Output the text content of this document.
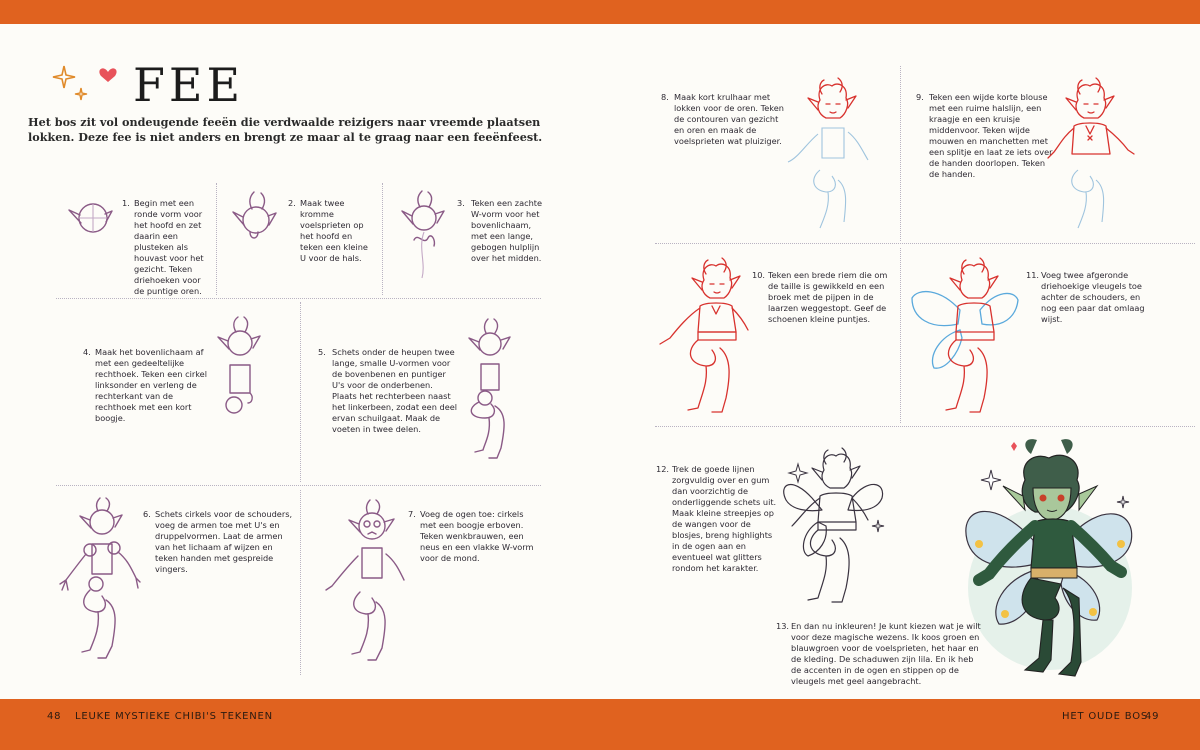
FEE

Het bos zit vol ondeugende feeën die verdwaalde reizigers naar vreemde plaatsen lokken. Deze fee is niet anders en brengt ze maar al te graag naar een feeënfeest.

1. Begin met een ronde vorm voor het hoofd en zet daarin een plusteken als houvast voor het gezicht. Teken driehoeken voor de puntige oren.

2. Maak twee kromme voelsprieten op het hoofd en teken een kleine U voor de hals.

3. Teken een zachte W-vorm voor het bovenlichaam, met een lange, gebogen hulplijn over het midden.

4. Maak het bovenlichaam af met een gedeeltelijke rechthoek. Teken een cirkel linksonder en verleng de rechterkant van de rechthoek met een kort boogje.

5. Schets onder de heupen twee lange, smalle U-vormen voor de bovenbenen en puntiger U's voor de onderbenen. Plaats het rechterbeen naast het linkerbeen, zodat een deel ervan schuilgaat. Maak de voeten in twee delen.

6. Schets cirkels voor de schouders, voeg de armen toe met U's en druppelvormen. Laat de armen van het lichaam af wijzen en teken handen met gespreide vingers.

7. Voeg de ogen toe: cirkels met een boogje erboven. Teken wenkbrauwen, een neus en een vlakke W-vorm voor de mond.

8. Maak kort krulhaar met lokken voor de oren. Teken de contouren van gezicht en oren en maak de voelsprieten wat pluiziger.

9. Teken een wijde korte blouse met een ruime halslijn, een kraagje en een kruisje middenvoor. Teken wijde mouwen en manchetten met een splitje en laat ze iets over de handen doorlopen. Teken de handen.

10. Teken een brede riem die om de taille is gewikkeld en een broek met de pijpen in de laarzen weggestopt. Geef de schoenen kleine puntjes.

11. Voeg twee afgeronde driehoekige vleugels toe achter de schouders, en nog een paar dat omlaag wijst.

12. Trek de goede lijnen zorgvuldig over en gum dan voorzichtig de onderliggende schets uit. Maak kleine streepjes op de wangen voor de blosjes, breng highlights in de ogen aan en eventueel wat glitters rondom het karakter.

13. En dan nu inkleuren! Je kunt kiezen wat je wilt voor deze magische wezens. Ik koos groen en blauwgroen voor de voelsprieten, het haar en de kleding. De schaduwen zijn lila. En ik heb de accenten in de ogen en stippen op de vleugels met geel aangebracht.

48 LEUKE MYSTIEKE CHIBI'S TEKENEN	HET OUDE BOS
49
